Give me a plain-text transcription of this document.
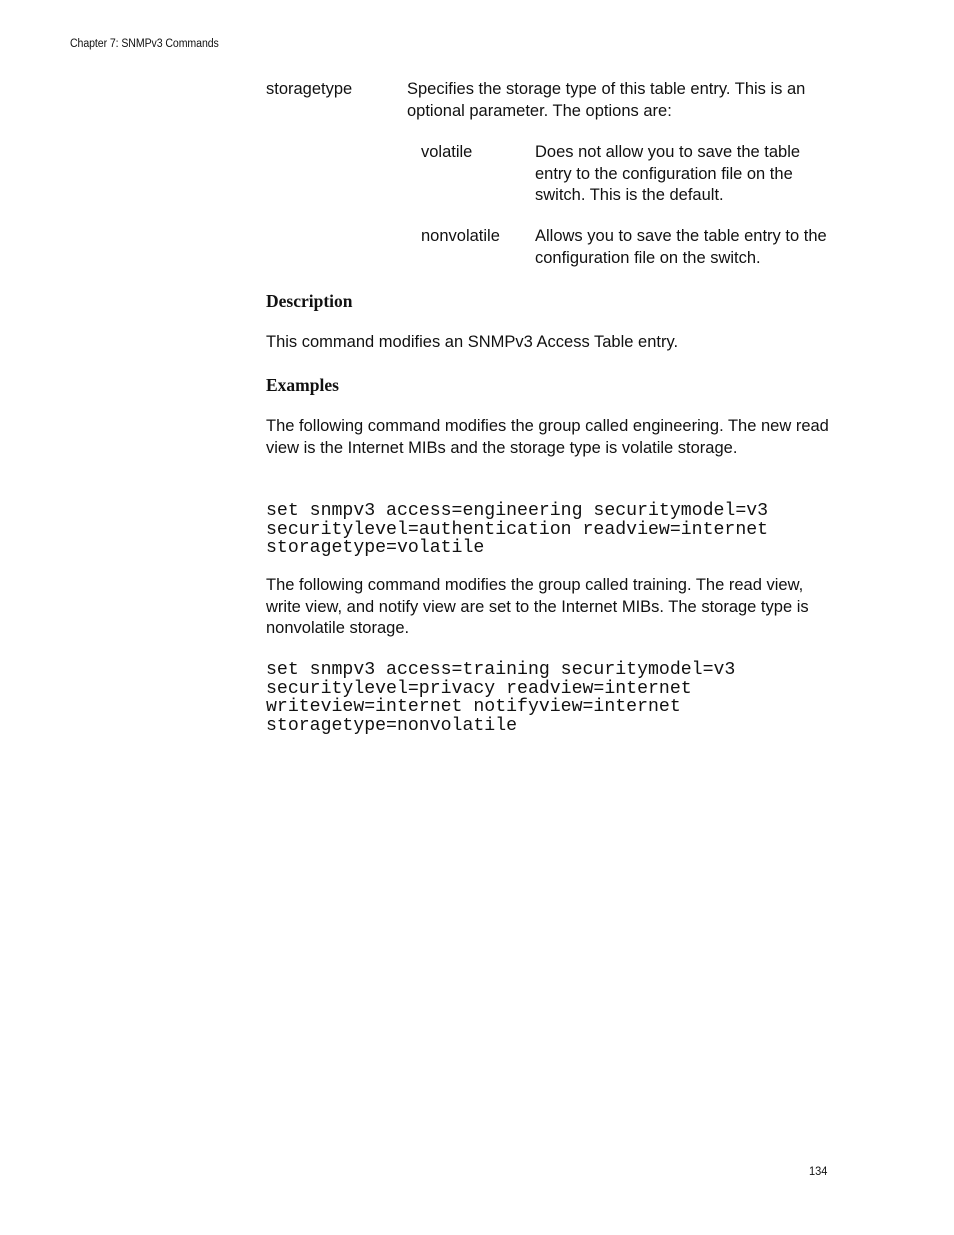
Chapter 7: SNMPv3 Commands
storagetype	Specifies the storage type of this table entry. This is an optional parameter. The options are:
volatile	Does not allow you to save the table entry to the configuration file on the switch. This is the default.
nonvolatile Allows you to save the table entry to the configuration file on the switch.
Description
This command modifies an SNMPv3 Access Table entry.
Examples
The following command modifies the group called engineering. The new read view is the Internet MIBs and the storage type is volatile storage.
set snmpv3 access=engineering securitymodel=v3
securitylevel=authentication readview=internet
storagetype=volatile
The following command modifies the group called training. The read view, write view, and notify view are set to the Internet MIBs. The storage type is nonvolatile storage.
set snmpv3 access=training securitymodel=v3
securitylevel=privacy readview=internet
writeview=internet notifyview=internet
storagetype=nonvolatile
134
